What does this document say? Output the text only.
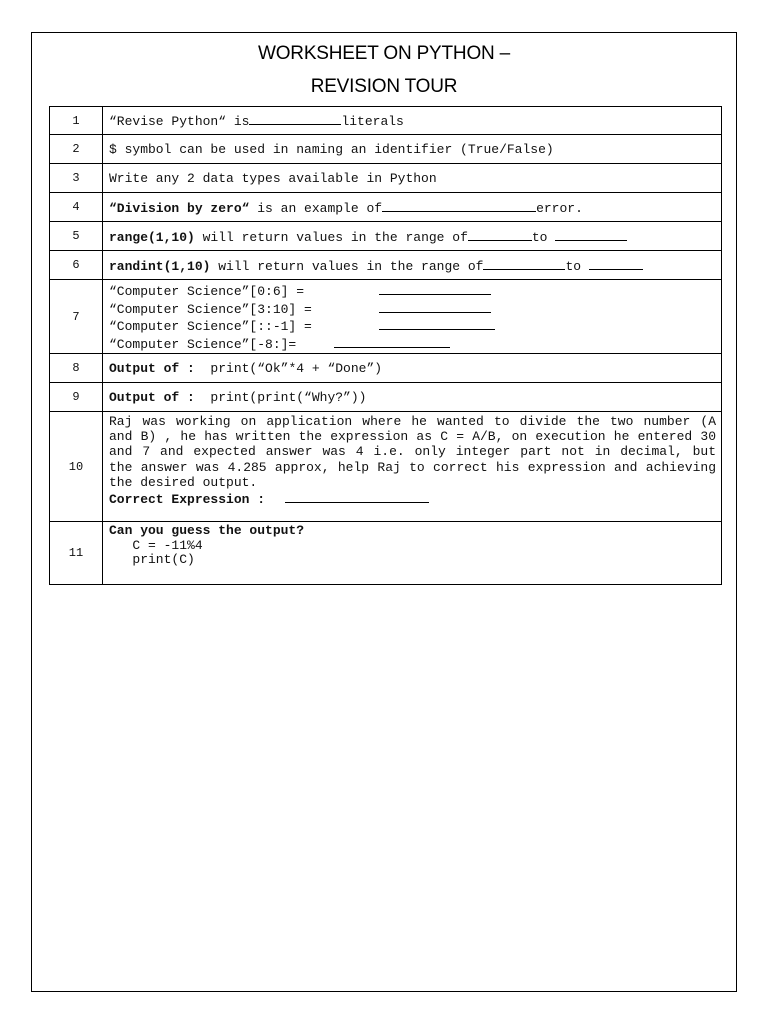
WORKSHEET ON PYTHON –
REVISION TOUR
1	“Revise Python“ is literals
2	$ symbol can be used in naming an identifier (True/False)
3	Write any 2 data types available in Python
4	“Division by zero“ is an example of error.
5	range(1,10) will return values in the range of to
6	randint(1,10) will return values in the range of to
7	“Computer Science”[0:6] =
“Computer Science”[3:10] =
“Computer Science”[::-1] =
“Computer Science”[-8:]=

8	Output of :  print(“Ok”*4 + “Done”)
9	Output of :  print(print(“Why?”))
10	Raj was working on application where he wanted to divide the two number (A and B) , he has written the expression as C = A/B, on execution he entered 30 and 7 and expected answer was 4 i.e. only integer part not in decimal, but the answer was 4.285 approx, help Raj to correct his expression and achieving the desired output.
Correct Expression :

11	Can you guess the output?
C = -11%4
print(C)
